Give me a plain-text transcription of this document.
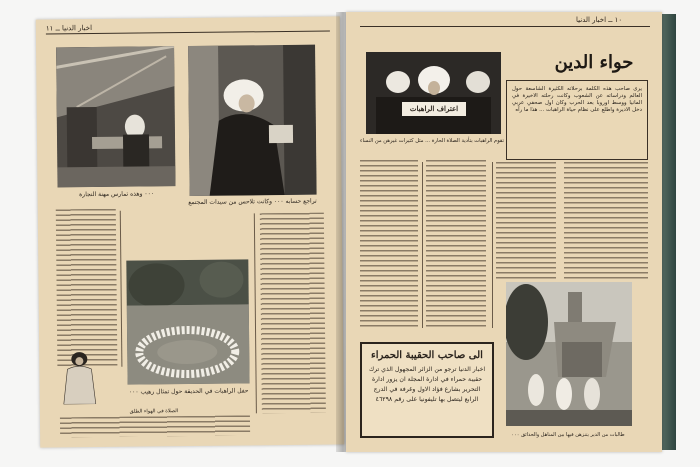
اخبار الدنيا ــ ١١
٠٠٠ وهذه تمارس مهنة النجارة
تراجع حسابه ٠٠٠ وكانت تلاحس من سيدات المجتمع
حفل الراهبات في الحديقة حول تمثال رهيب ٠٠٠
الصلاة في الهواء الطلق
١٠ ــ اخبار الدنيا
اعتراف الراهبات
تقوم الراهبات بتأدية الصلاة الحارة ... مثل كثيرات غيرهن من النساء
حواء الدين
يرى صاحب هذه الكلمة برحلاته الكثيرة الشاسعة حول العالم ودراساته عن الشعوب وكانت رحلته الاخيرة في المانيا ووسط اوروبا بعد الحرب وكان اول صحفي عربي دخل الاديرة واطلع على نظام حياة الراهبات ... هذا ما رآه
الى صاحب الحقيبة الحمراء
اخبار الدنيا ترجو من الزائر المجهول الذي ترك حقيبة حمراء في ادارة المجلة ان يزور ادارة التحرير بشارع فؤاد الاول وغرفة في الدرج الرابع ليتصل بها تليفونيا على رقم ٤٦٢٩٨
طالبات من الدير يتنزهن فيها بين المناهل والحدائق ٠٠٠
